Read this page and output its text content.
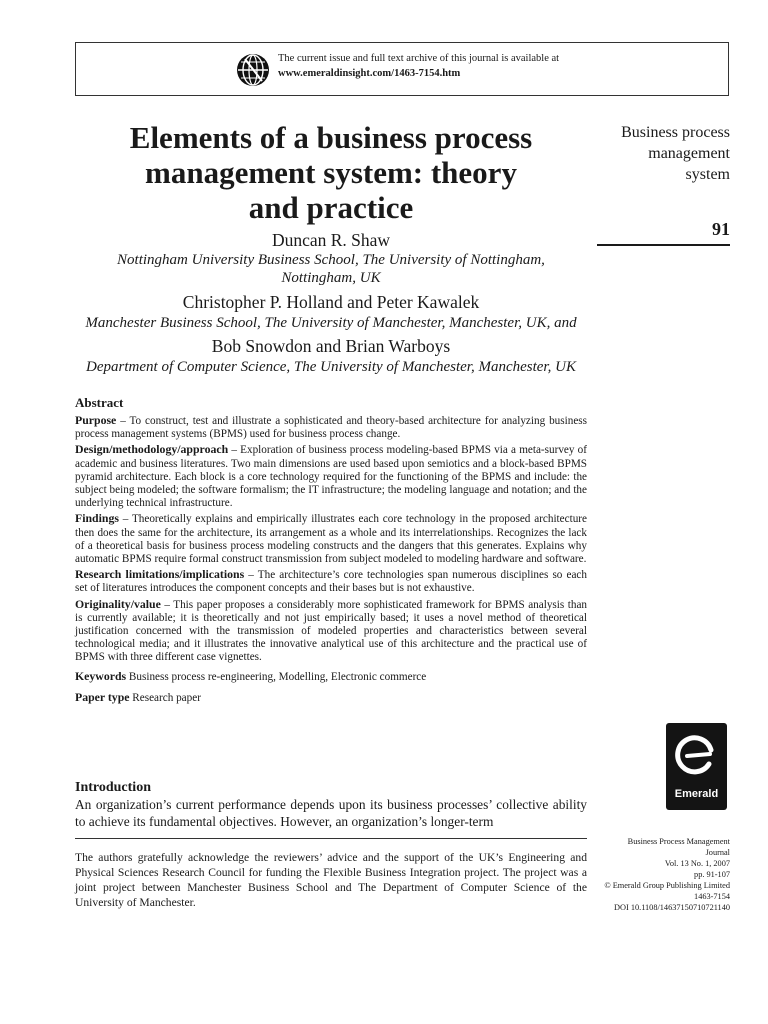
The current issue and full text archive of this journal is available at
www.emeraldinsight.com/1463-7154.htm
Elements of a business process
management system: theory
and practice

Duncan R. Shaw

Nottingham University Business School, The University of Nottingham,

Nottingham, UK

Christopher P. Holland and Peter Kawalek

Manchester Business School, The University of Manchester, Manchester, UK, and

Bob Snowdon and Brian Warboys

Department of Computer Science, The University of Manchester, Manchester, UK

Business process
management
system

91

Abstract

Purpose – To construct, test and illustrate a sophisticated and theory-based architecture for analyzing business process management systems (BPMS) used for business process change.

Design/methodology/approach – Exploration of business process modeling-based BPMS via a meta-survey of academic and business literatures. Two main dimensions are used based upon semiotics and a block-based BPMS pyramid architecture. Each block is a core technology required for the functioning of the BPMS and include: the subject being modeled; the software formalism; the IT infrastructure; the modeling language and notation; and the underlying technical infrastructure.

Findings – Theoretically explains and empirically illustrates each core technology in the proposed architecture then does the same for the architecture, its arrangement as a whole and its interrelationships. Recognizes the lack of a theoretical basis for business process modeling constructs and the dangers that this generates. Explains why automatic BPMS require formal construct transmission from subject modeled to modeling hardware and software.

Research limitations/implications – The architecture’s core technologies span numerous disciplines so each set of literatures introduces the component concepts and their bases but is not exhaustive.

Originality/value – This paper proposes a considerably more sophisticated framework for BPMS analysis than is currently available; it is theoretically and not just empirically based; it uses a novel method of theoretical justification concerned with the transmission of modeled properties and characteristics between several technological media; and it illustrates the innovative analytical use of this architecture and the practical use of BPMS with three different case vignettes.

Keywords Business process re-engineering, Modelling, Electronic commerce

Paper type Research paper

Introduction

An organization’s current performance depends upon its business processes’ collective ability to achieve its fundamental objectives. However, an organization’s longer-term

The authors gratefully acknowledge the reviewers’ advice and the support of the UK’s Engineering and Physical Sciences Research Council for funding the Flexible Business Integration project. The project was a joint project between Manchester Business School and The Department of Computer Science of the University of Manchester.

Emerald
Business Process Management
Journal
Vol. 13 No. 1, 2007
pp. 91-107
© Emerald Group Publishing Limited
1463-7154
DOI 10.1108/14637150710721140
